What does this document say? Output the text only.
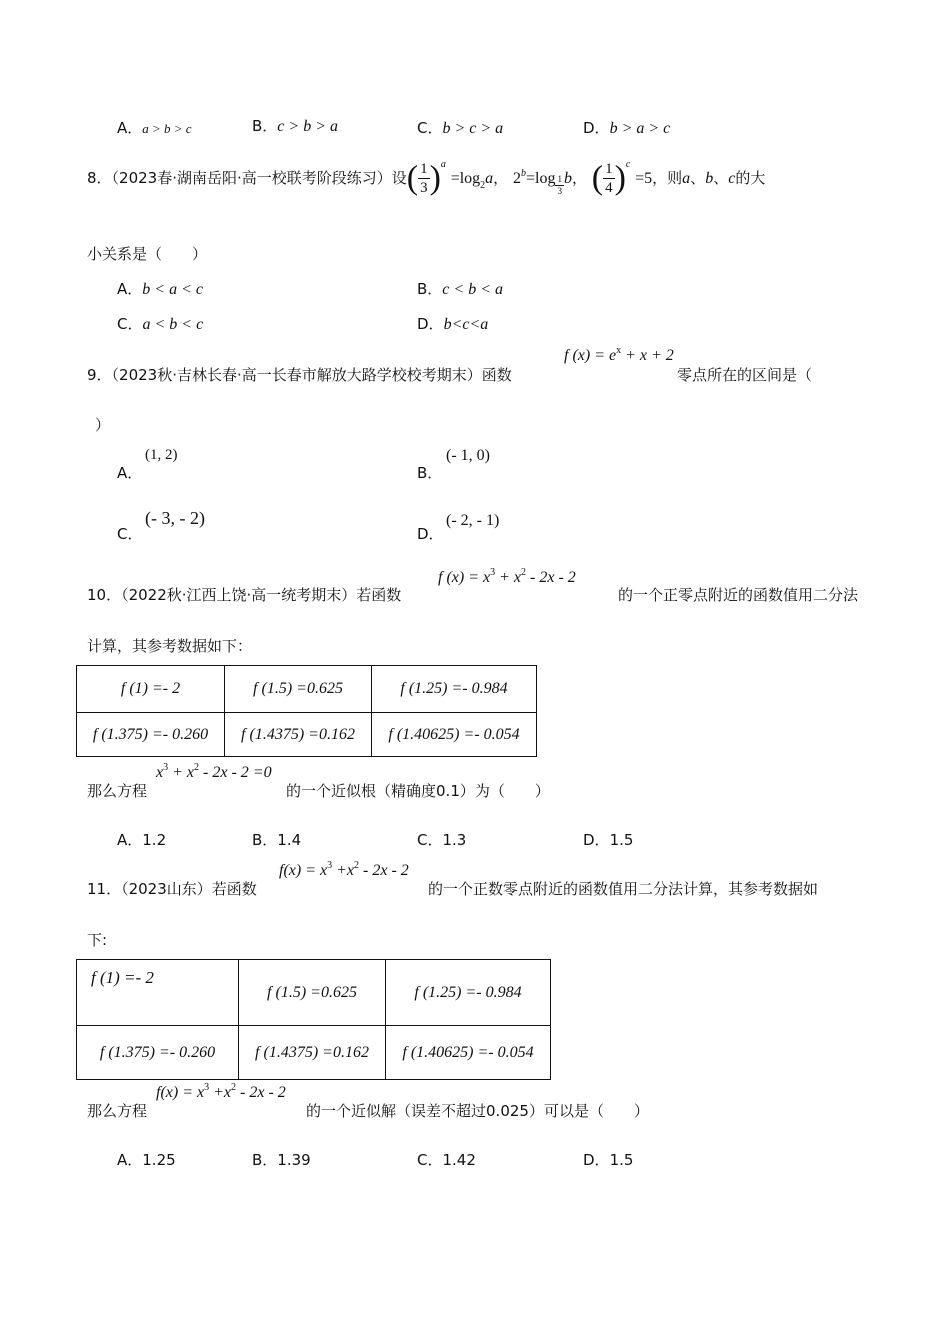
A．a > b > c	B．c > b > a	C．b > c > a	D．b > a > c
8．（2023春·湖南岳阳·高一校联考阶段练习）设( $\frac{1}{3} )^a =\log_2a$， $2^b=\log \frac{1}{3}$ b， ( $\frac{1}{4} )^c =5$，则a、b、c的大
小关系是（　　）
A．b < a < c	B．c < b < a
C．a < b < c	D．b<c<a
9．（2023秋·吉林长春·高一长春市解放大路学校校考期末）函数
f $(x) = e^x + x + 2$
零点所在的区间是（
）
A．
(1, 2)
B．
(- 1, 0)
C．
(- 3, - 2)
D．
(- 2, - 1)
10．（2022秋·江西上饶·高一统考期末）若函数
f $(x) = x^3 + x^2 - 2x - 2$
的一个正零点附近的函数值用二分法
计算，其参考数据如下：
f (1) =- 2	f (1.5) =0.625	f (1.25) =- 0.984
f (1.375) =- 0.260	f (1.4375) =0.162	f (1.40625) =- 0.054
那么方程
$x^3 + x^2 - 2x - 2 =0$
的一个近似根（精确度0.1）为（　　）
A．1.2	B．1.4	C．1.3	D．1.5
11．（2023山东）若函数
$f(x) = x^3 +x^2 - 2x - 2$
的一个正数零点附近的函数值用二分法计算，其参考数据如
下:
f (1) =- 2	f (1.5) =0.625	f (1.25) =- 0.984
f (1.375) =- 0.260	f (1.4375) =0.162	f (1.40625) =- 0.054
那么方程
$f(x) = x^3 +x^2 - 2x - 2$
的一个近似解（误差不超过0.025）可以是（　　）
A．1.25	B．1.39	C．1.42	D．1.5
